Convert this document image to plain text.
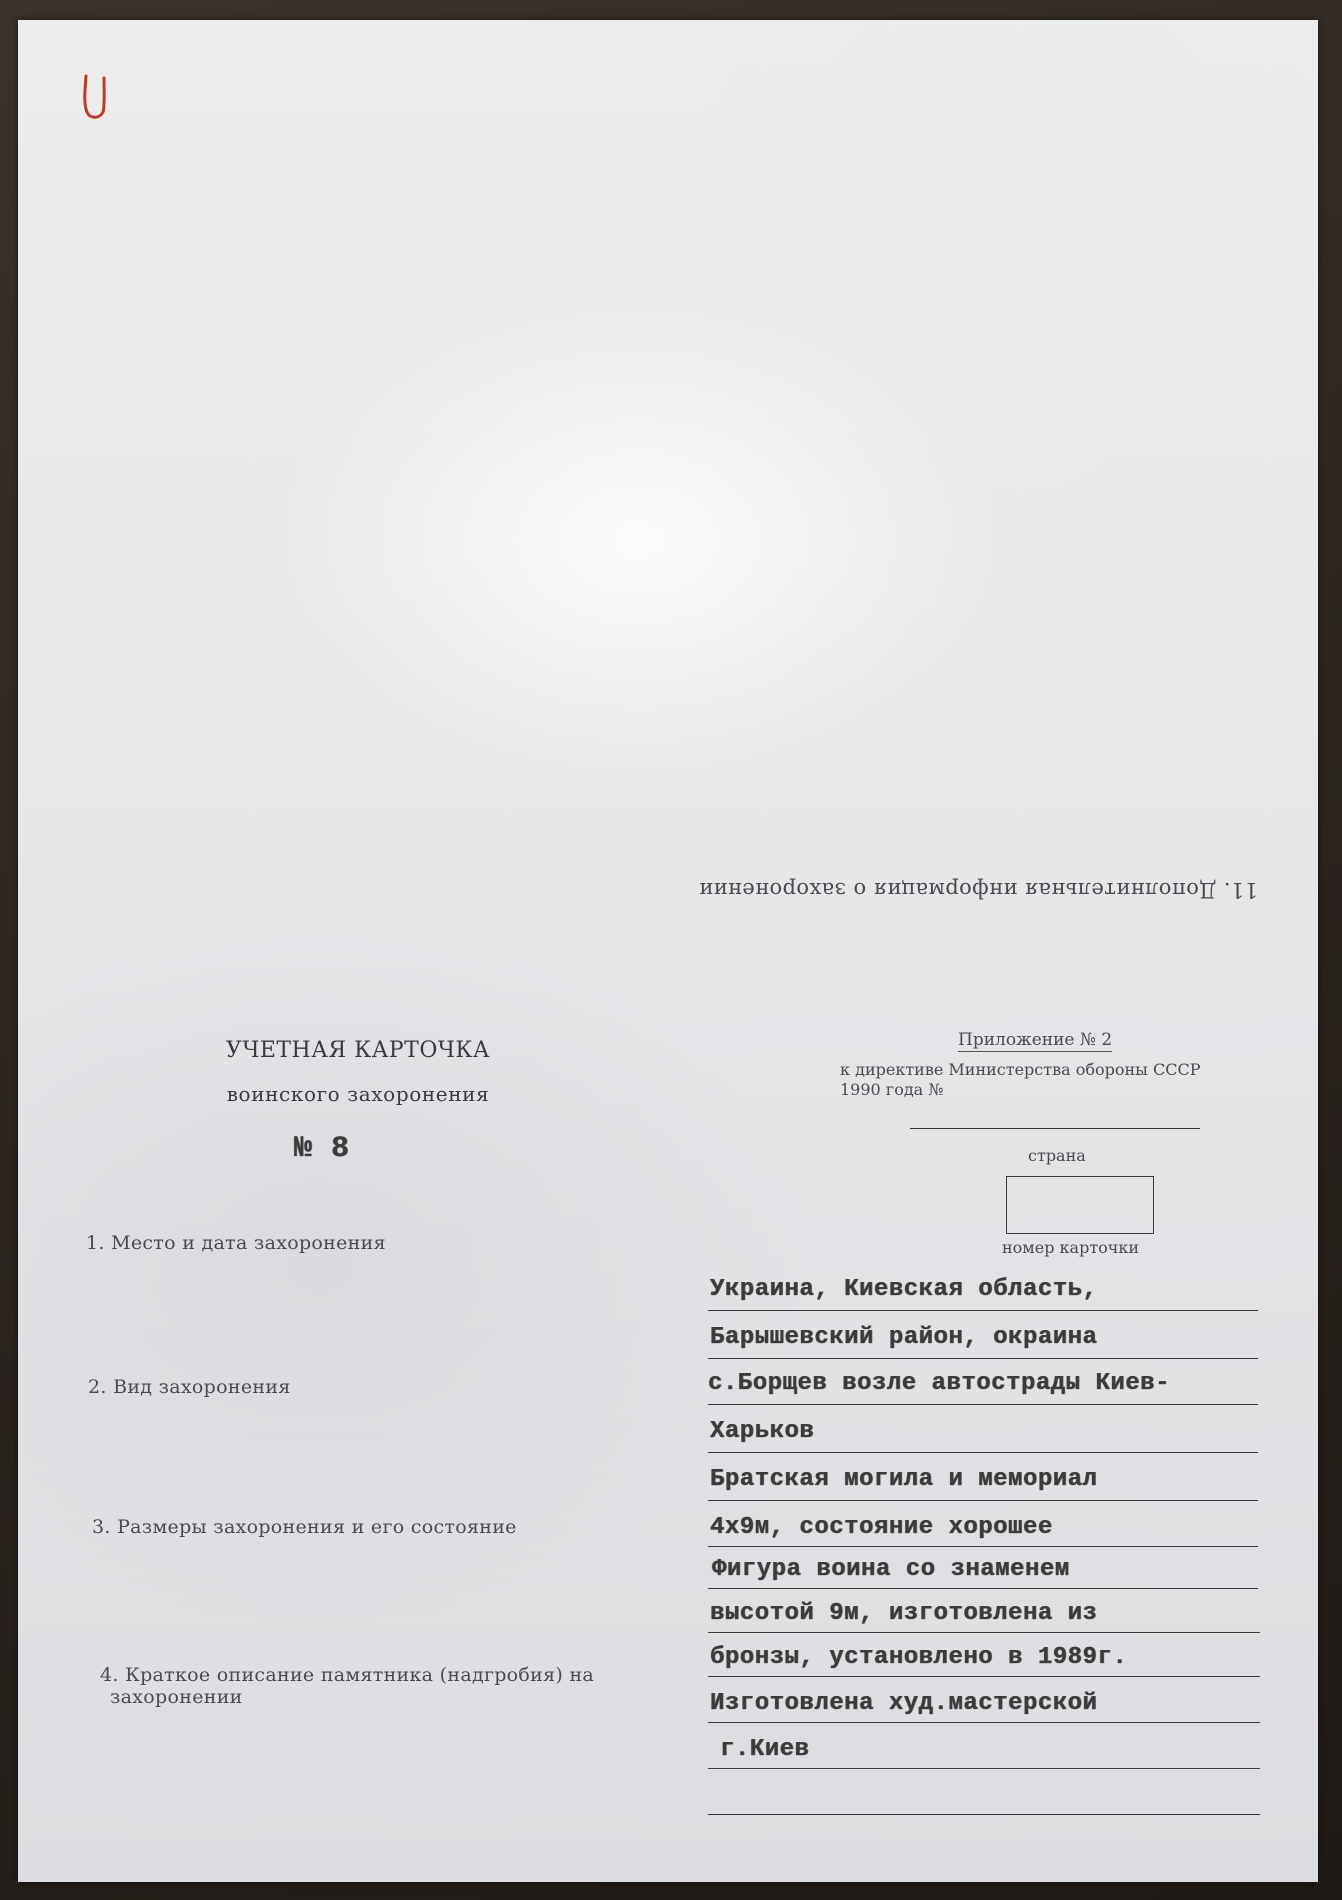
11. Дополнительная информация о захоронении
УЧЕТНАЯ КАРТОЧКА
воинского захоронения
№ 8
Приложение № 2
к директиве Министерства обороны СССР
1990 года №
страна
номер карточки
1. Место и дата захоронения
2. Вид захоронения
3. Размеры захоронения и его состояние
4. Краткое описание памятника (надгробия) на
захоронении
Украина, Киевская область,
Барышевский район, окраина
с.Борщев возле автострады Киев-
Харьков
Братская могила и мемориал
4х9м, состояние хорошее
Фигура воина со знаменем
высотой 9м, изготовлена из
бронзы, установлено в 1989г.
Изготовлена худ.мастерской
г.Киев
